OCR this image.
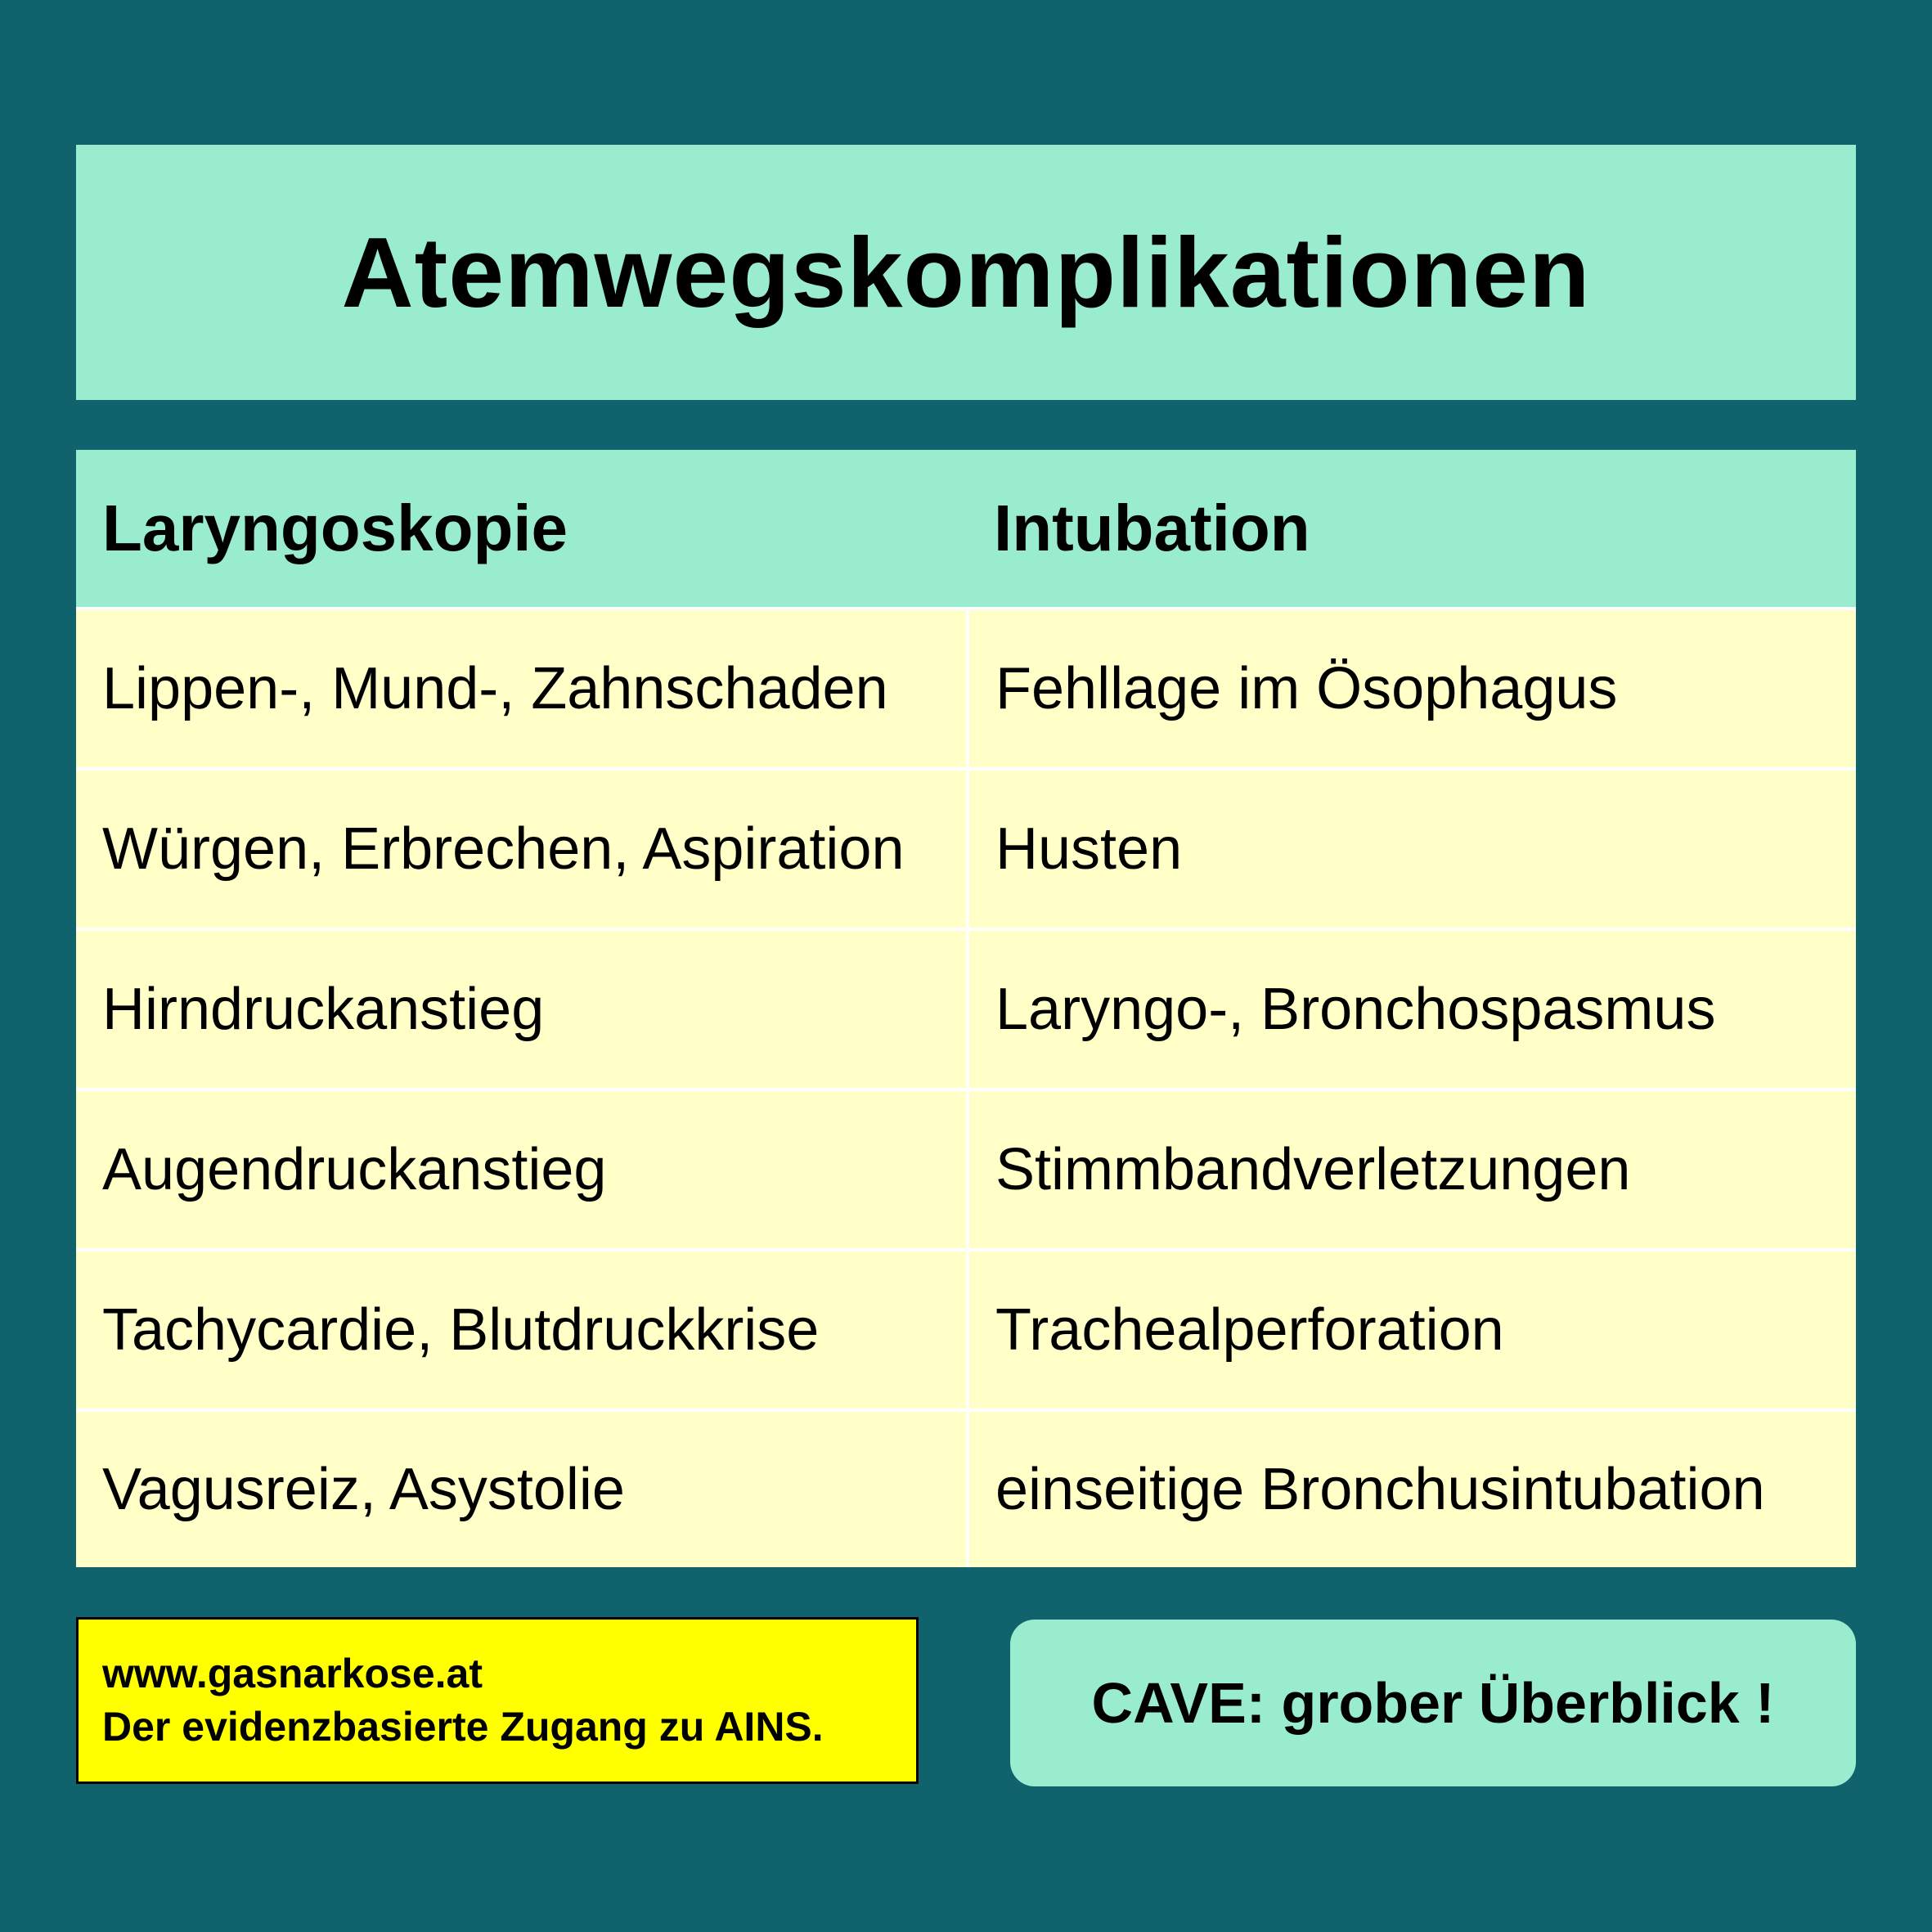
Atemwegskomplikationen
Laryngoskopie	Intubation
Lippen-, Mund-, Zahnschaden	Fehllage im Ösophagus
Würgen, Erbrechen, Aspiration	Husten
Hirndruckanstieg	Laryngo-, Bronchospasmus
Augendruckanstieg	Stimmbandverletzungen
Tachycardie, Blutdruckkrise	Trachealperforation
Vagusreiz, Asystolie	einseitige Bronchusintubation
www.gasnarkose.at
Der evidenzbasierte Zugang zu AINS.	CAVE: grober Überblick !
